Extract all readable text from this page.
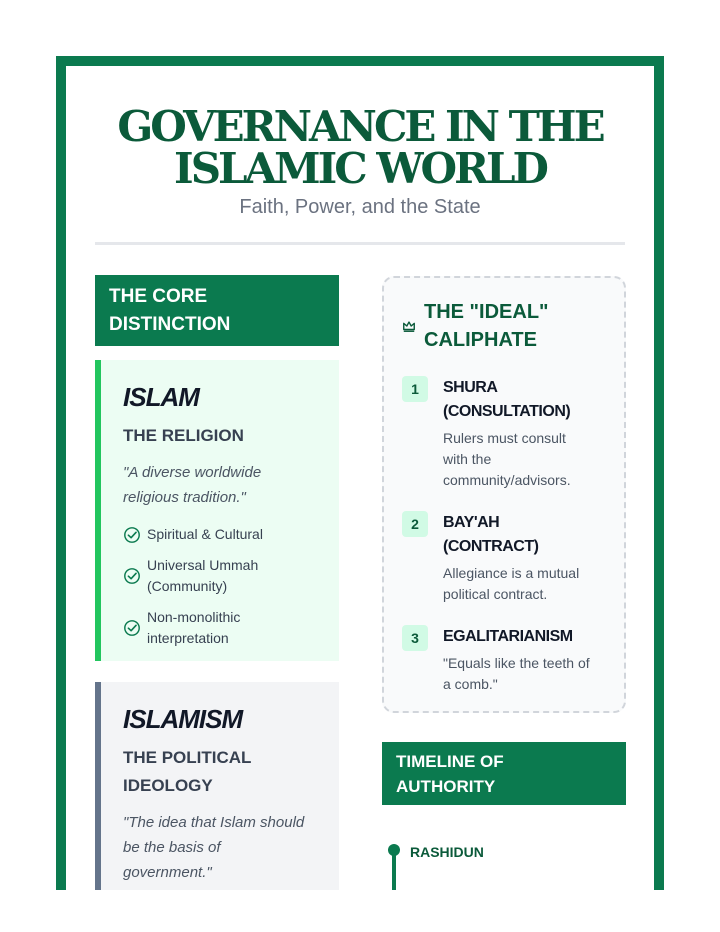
GOVERNANCE IN THE
ISLAMIC WORLD
Faith, Power, and the State
THE CORE
DISTINCTION
ISLAM
THE RELIGION
"A diverse worldwide religious tradition."
Spiritual & Cultural
Universal Ummah (Community)
Non-monolithic interpretation
ISLAMISM
THE POLITICAL IDEOLOGY
"The idea that Islam should be the basis of government."
THE "IDEAL"
CALIPHATE
1	SHURA (CONSULTATION)
Rulers must consult with the community/advisors.
2	BAY'AH (CONTRACT)
Allegiance is a mutual political contract.
3	EGALITARIANISM
"Equals like the teeth of a comb."
TIMELINE OF
AUTHORITY
RASHIDUN
